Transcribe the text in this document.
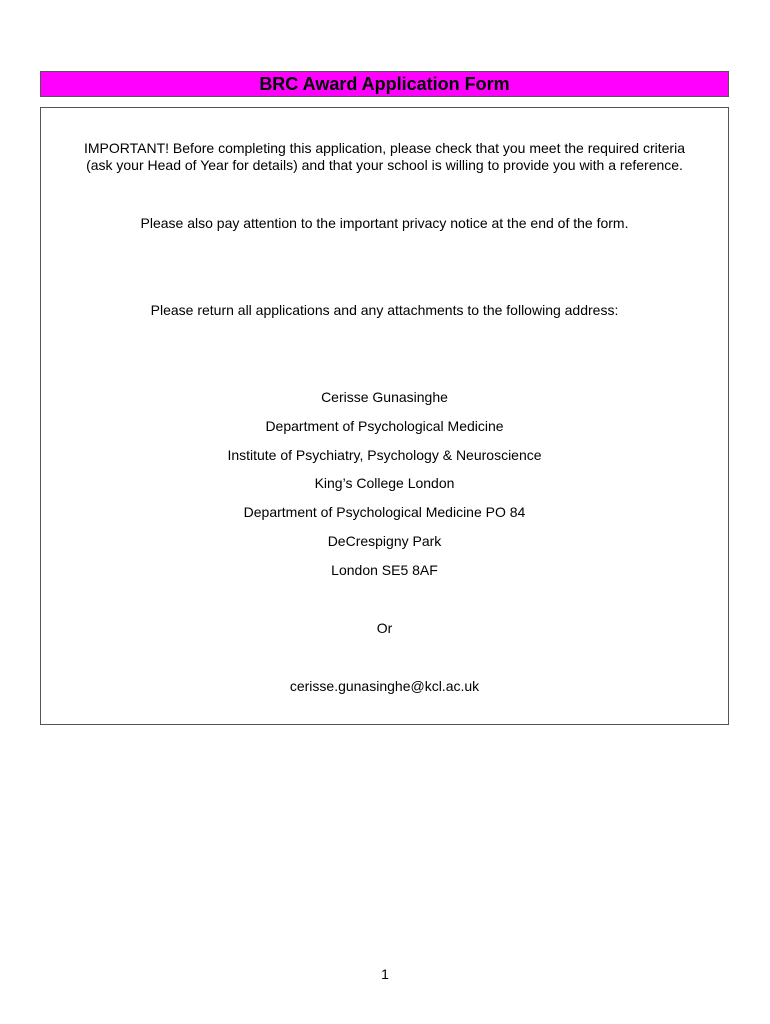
BRC Award Application Form
IMPORTANT! Before completing this application, please check that you meet the required criteria
(ask your Head of Year for details) and that your school is willing to provide you with a reference.
Please also pay attention to the important privacy notice at the end of the form.
Please return all applications and any attachments to the following address:
Cerisse Gunasinghe
Department of Psychological Medicine
Institute of Psychiatry, Psychology & Neuroscience
King’s College London
Department of Psychological Medicine PO 84
DeCrespigny Park
London SE5 8AF
Or
cerisse.gunasinghe@kcl.ac.uk
1
